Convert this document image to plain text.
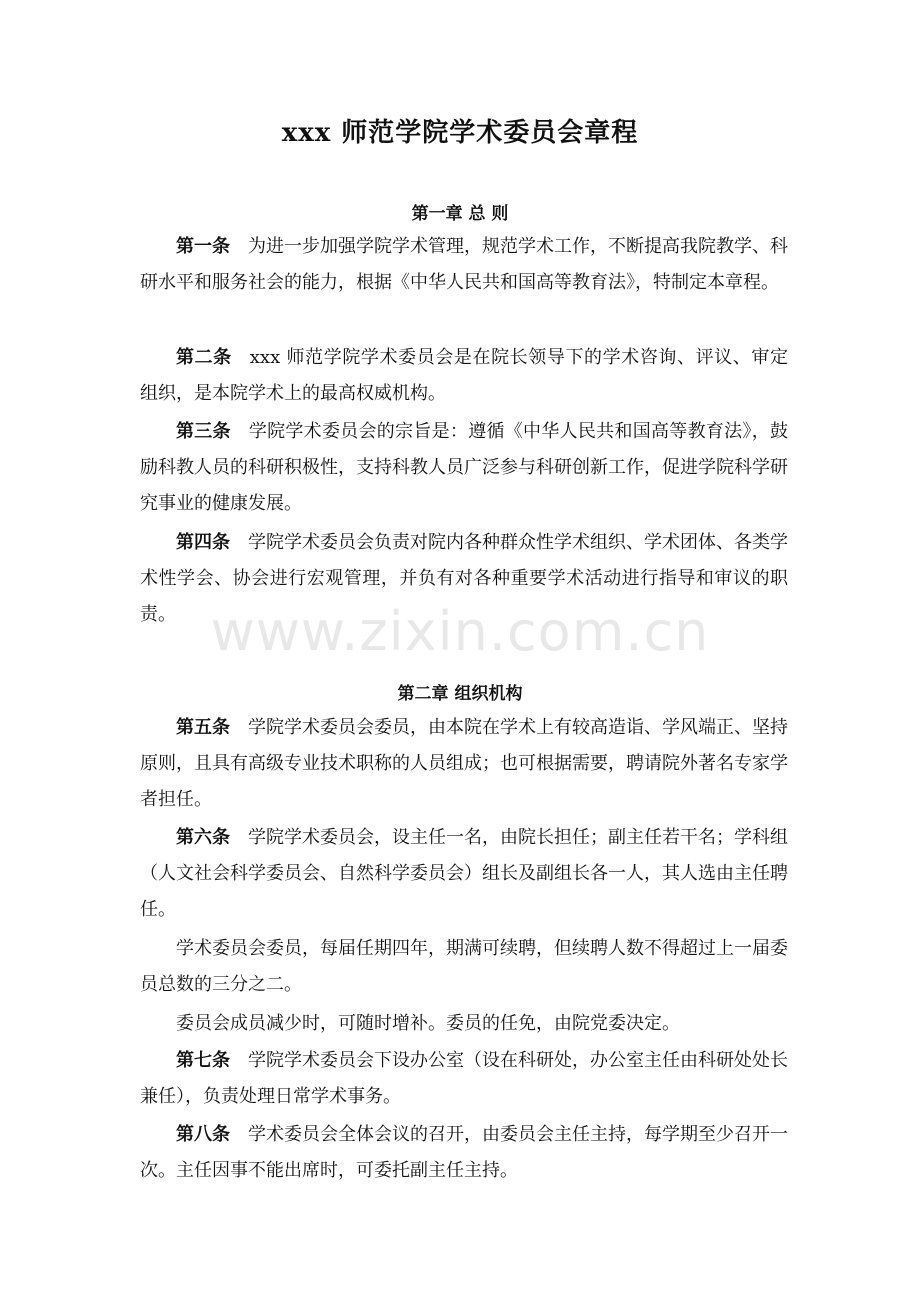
xxx 师范学院学术委员会章程
第一章 总 则

第一条 为进一步加强学院学术管理，规范学术工作，不断提高我院教学、科研水平和服务社会的能力，根据《中华人民共和国高等教育法》，特制定本章程。

第二条 xxx 师范学院学术委员会是在院长领导下的学术咨询、评议、审定组织，是本院学术上的最高权威机构。

第三条 学院学术委员会的宗旨是：遵循《中华人民共和国高等教育法》，鼓励科教人员的科研积极性，支持科教人员广泛参与科研创新工作，促进学院科学研究事业的健康发展。

第四条 学院学术委员会负责对院内各种群众性学术组织、学术团体、各类学术性学会、协会进行宏观管理，并负有对各种重要学术活动进行指导和审议的职责。

第二章 组织机构

第五条 学院学术委员会委员，由本院在学术上有较高造诣、学风端正、坚持原则，且具有高级专业技术职称的人员组成；也可根据需要，聘请院外著名专家学者担任。

第六条 学院学术委员会，设主任一名，由院长担任；副主任若干名；学科组（人文社会科学委员会、自然科学委员会）组长及副组长各一人，其人选由主任聘任。

学术委员会委员，每届任期四年，期满可续聘，但续聘人数不得超过上一届委员总数的三分之二。

委员会成员减少时，可随时增补。委员的任免，由院党委决定。

第七条 学院学术委员会下设办公室（设在科研处，办公室主任由科研处处长兼任），负责处理日常学术事务。

第八条 学术委员会全体会议的召开，由委员会主任主持，每学期至少召开一次。主任因事不能出席时，可委托副主任主持。

www.zixin.com.cn
